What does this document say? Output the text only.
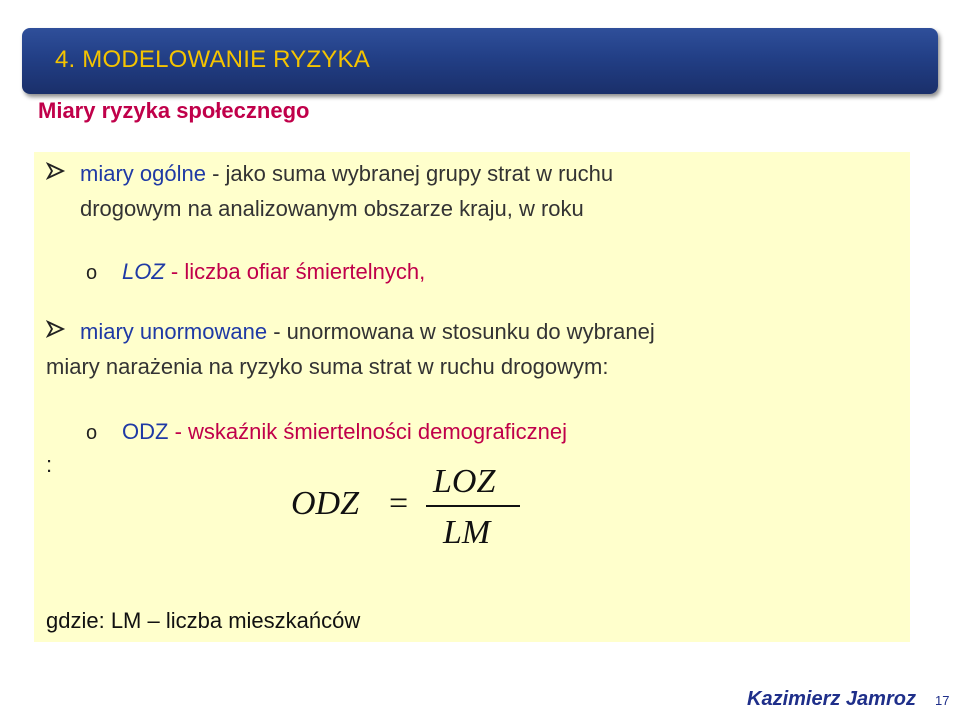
4. MODELOWANIE RYZYKA
Miary ryzyka społecznego
miary ogólne - jako suma wybranej grupy strat w ruchu
drogowym na analizowanym obszarze kraju, w roku
o LOZ - liczba ofiar śmiertelnych,
miary unormowane - unormowana w stosunku do wybranej
miary narażenia na ryzyko suma strat w ruchu drogowym:
o ODZ - wskaźnik śmiertelności demograficznej
:
ODZ =
LOZ
LM
gdzie: LM – liczba mieszkańców
Kazimierz Jamroz 17
